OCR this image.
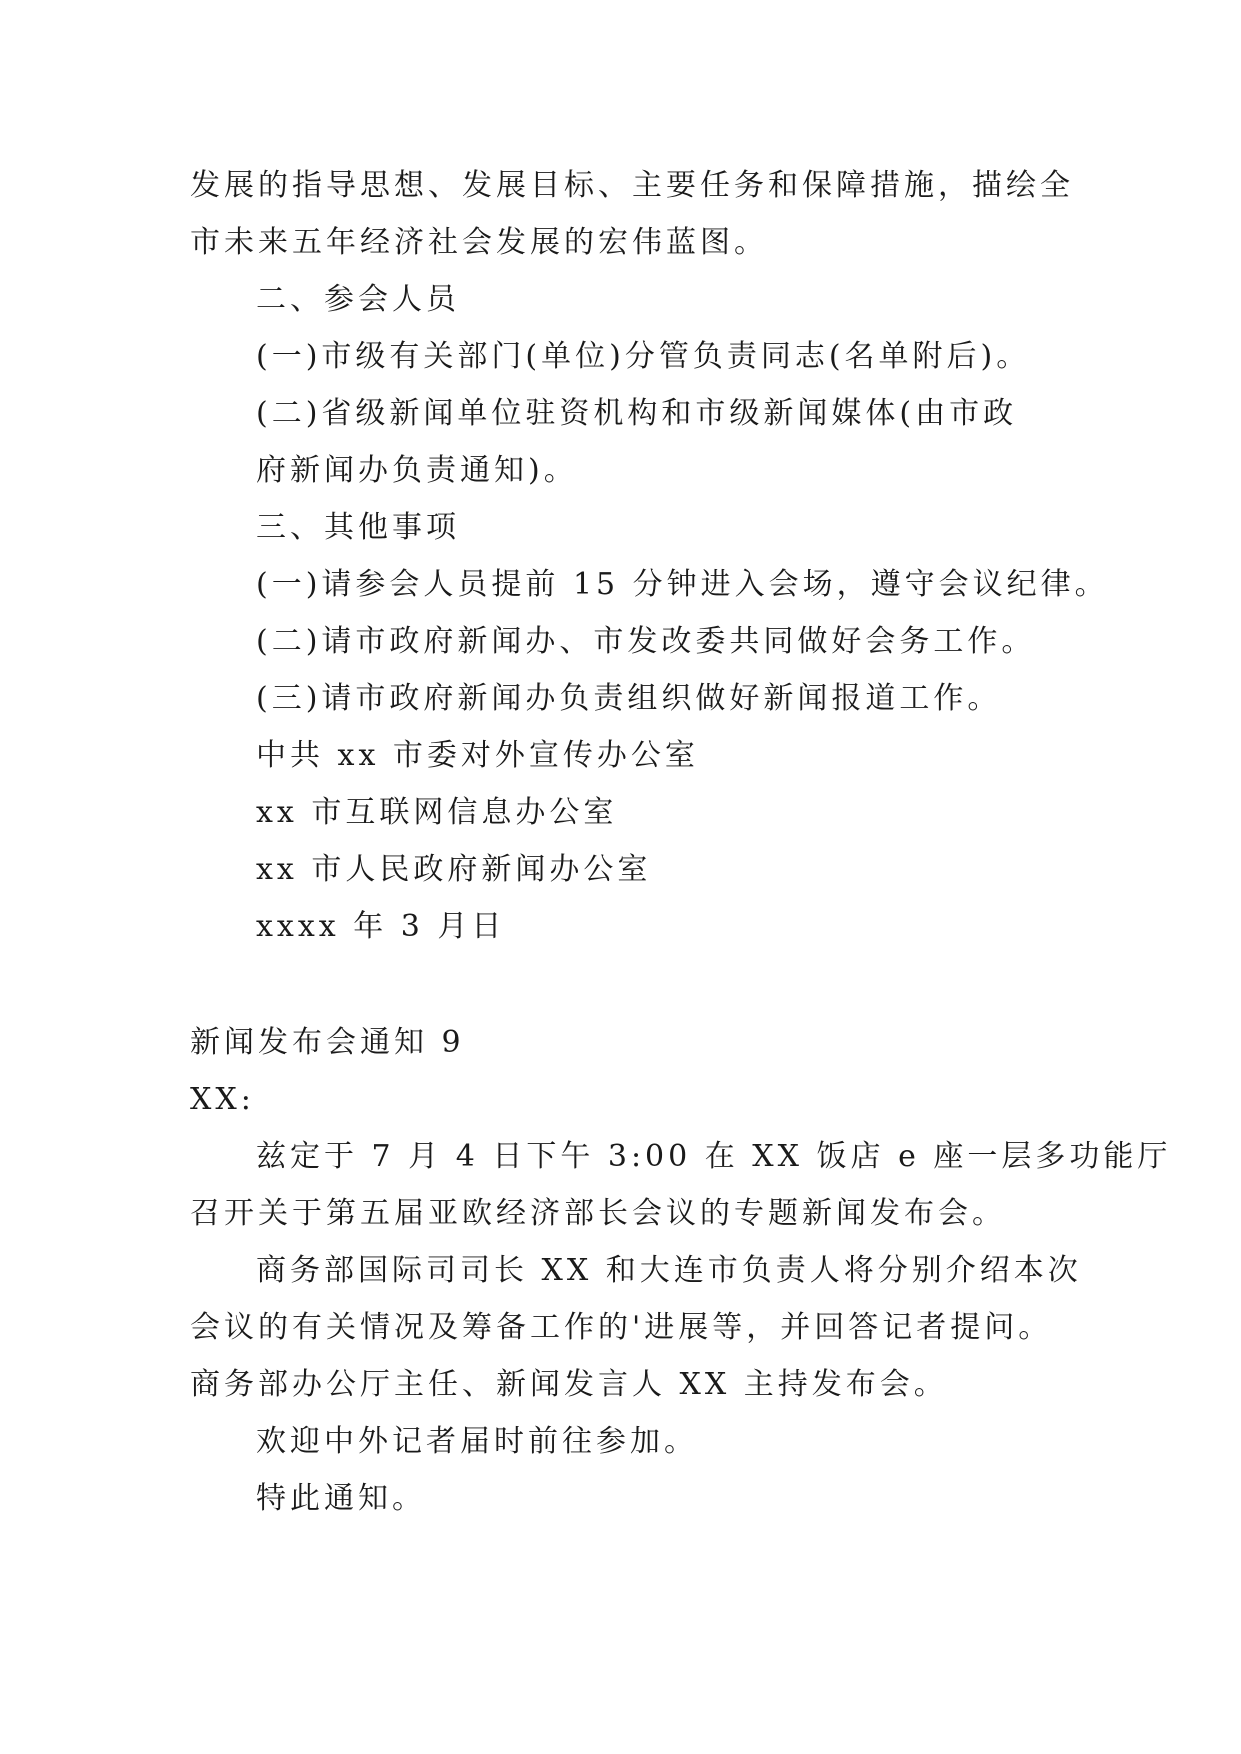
发展的指导思想、发展目标、主要任务和保障措施，描绘全
市未来五年经济社会发展的宏伟蓝图。
二、参会人员
(一)市级有关部门(单位)分管负责同志(名单附后)。
(二)省级新闻单位驻资机构和市级新闻媒体(由市政
府新闻办负责通知)。
三、其他事项
(一)请参会人员提前 15 分钟进入会场，遵守会议纪律。
(二)请市政府新闻办、市发改委共同做好会务工作。
(三)请市政府新闻办负责组织做好新闻报道工作。
中共 xx 市委对外宣传办公室
xx 市互联网信息办公室
xx 市人民政府新闻办公室
xxxx 年 3 月日
新闻发布会通知 9
XX:
兹定于 7 月 4 日下午 3:00 在 XX 饭店 e 座一层多功能厅
召开关于第五届亚欧经济部长会议的专题新闻发布会。
商务部国际司司长 XX 和大连市负责人将分别介绍本次
会议的有关情况及筹备工作的'进展等，并回答记者提问。
商务部办公厅主任、新闻发言人 XX 主持发布会。
欢迎中外记者届时前往参加。
特此通知。
